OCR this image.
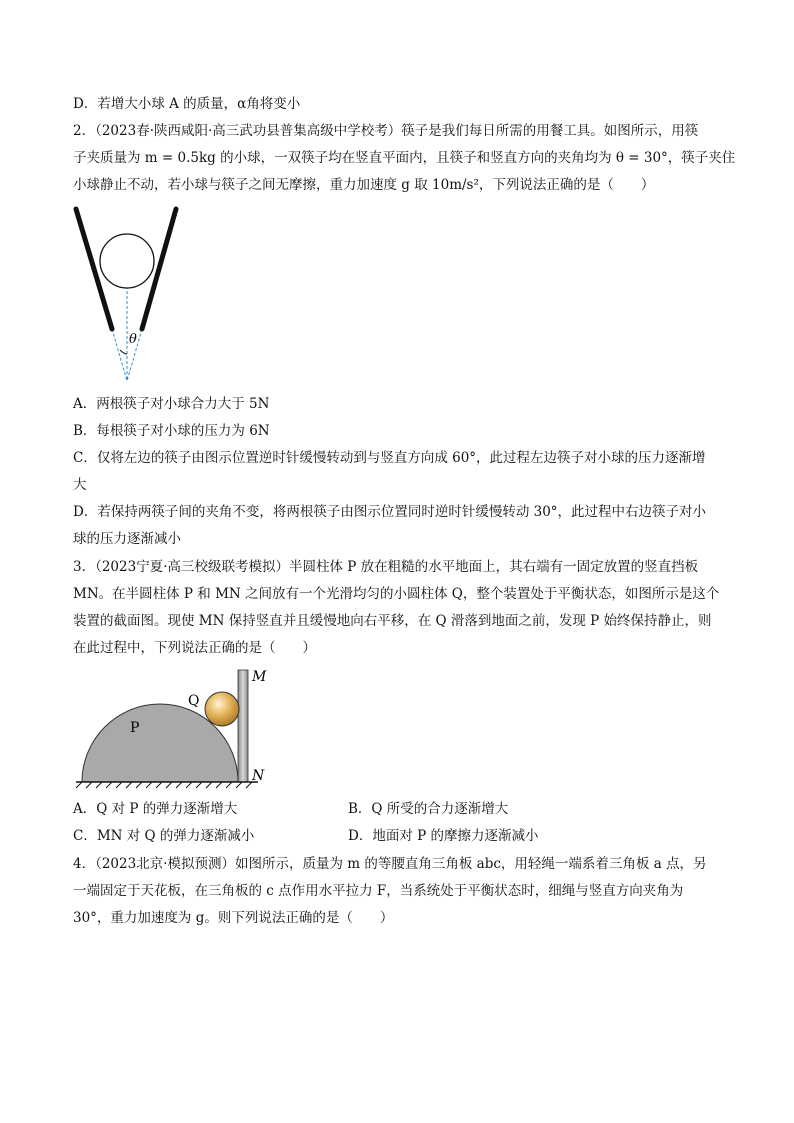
D．若增大小球 A 的质量，α角将变小
2．（2023春·陕西咸阳·高三武功县普集高级中学校考）筷子是我们每日所需的用餐工具。如图所示，用筷
子夹质量为 m = 0.5kg 的小球，一双筷子均在竖直平面内，且筷子和竖直方向的夹角均为 θ = 30°，筷子夹住
小球静止不动，若小球与筷子之间无摩擦，重力加速度 g 取 10m/s²，下列说法正确的是（　　）
θ
A．两根筷子对小球合力大于 5N
B．每根筷子对小球的压力为 6N
C．仅将左边的筷子由图示位置逆时针缓慢转动到与竖直方向成 60°，此过程左边筷子对小球的压力逐渐增
大
D．若保持两筷子间的夹角不变，将两根筷子由图示位置同时逆时针缓慢转动 30°，此过程中右边筷子对小
球的压力逐渐减小
3．（2023宁夏·高三校级联考模拟）半圆柱体 P 放在粗糙的水平地面上，其右端有一固定放置的竖直挡板
MN。在半圆柱体 P 和 MN 之间放有一个光滑均匀的小圆柱体 Q，整个装置处于平衡状态，如图所示是这个
装置的截面图。现使 MN 保持竖直并且缓慢地向右平移，在 Q 滑落到地面之前，发现 P 始终保持静止，则
在此过程中，下列说法正确的是（　　）
P
Q
M
N
A．Q 对 P 的弹力逐渐增大	B．Q 所受的合力逐渐增大
C．MN 对 Q 的弹力逐渐减小	D．地面对 P 的摩擦力逐渐减小
4．（2023北京·模拟预测）如图所示，质量为 m 的等腰直角三角板 abc，用轻绳一端系着三角板 a 点，另
一端固定于天花板，在三角板的 c 点作用水平拉力 F，当系统处于平衡状态时，细绳与竖直方向夹角为
30°，重力加速度为 g。则下列说法正确的是（　　）
